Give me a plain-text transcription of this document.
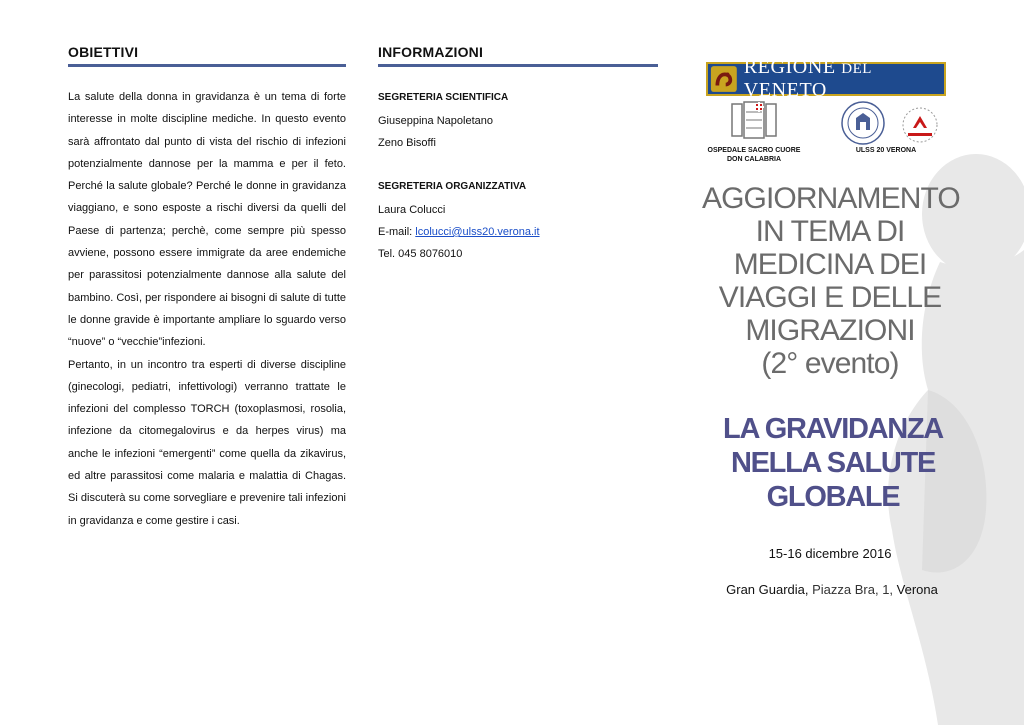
OBIETTIVI

La salute della donna in gravidanza è un tema di forte interesse in molte discipline mediche. In questo evento sarà affrontato dal punto di vista del rischio di infezioni potenzialmente dannose per la mamma e per il feto. Perché la salute globale? Perché le donne in gravidanza viaggiano, e sono esposte a rischi diversi da quelli del Paese di partenza; perchè, come sempre più spesso avviene, possono essere immigrate da aree endemiche per parassitosi potenzialmente dannose alla salute del bambino. Così, per rispondere ai bisogni di salute di tutte le donne gravide è importante ampliare lo sguardo verso “nuove” o “vecchie”infezioni.

Pertanto, in un incontro tra esperti di diverse discipline (ginecologi, pediatri, infettivologi) verranno trattate le infezioni del complesso TORCH (toxoplasmosi, rosolia, infezione da citomegalovirus e da herpes virus) ma anche le infezioni “emergenti” come quella da zikavirus, ed altre parassitosi come malaria e malattia di Chagas. Si discuterà su come sorvegliare e prevenire tali infezioni in gravidanza e come gestire i casi.

INFORMAZIONI
SEGRETERIA SCIENTIFICA
Giuseppina Napoletano
Zeno Bisoffi
SEGRETERIA ORGANIZZATIVA
Laura Colucci
E-mail: lcolucci@ulss20.verona.it
Tel. 045 8076010
REGIONE DEL VENETO
OSPEDALE SACRO CUORE
DON CALABRIA
ULSS 20 VERONA
AGGIORNAMENTO
IN TEMA DI
MEDICINA DEI
VIAGGI E DELLE
MIGRAZIONI
(2° evento)
LA GRAVIDANZA
NELLA SALUTE
GLOBALE
15-16 dicembre 2016
Gran Guardia, Piazza Bra, 1, Verona
